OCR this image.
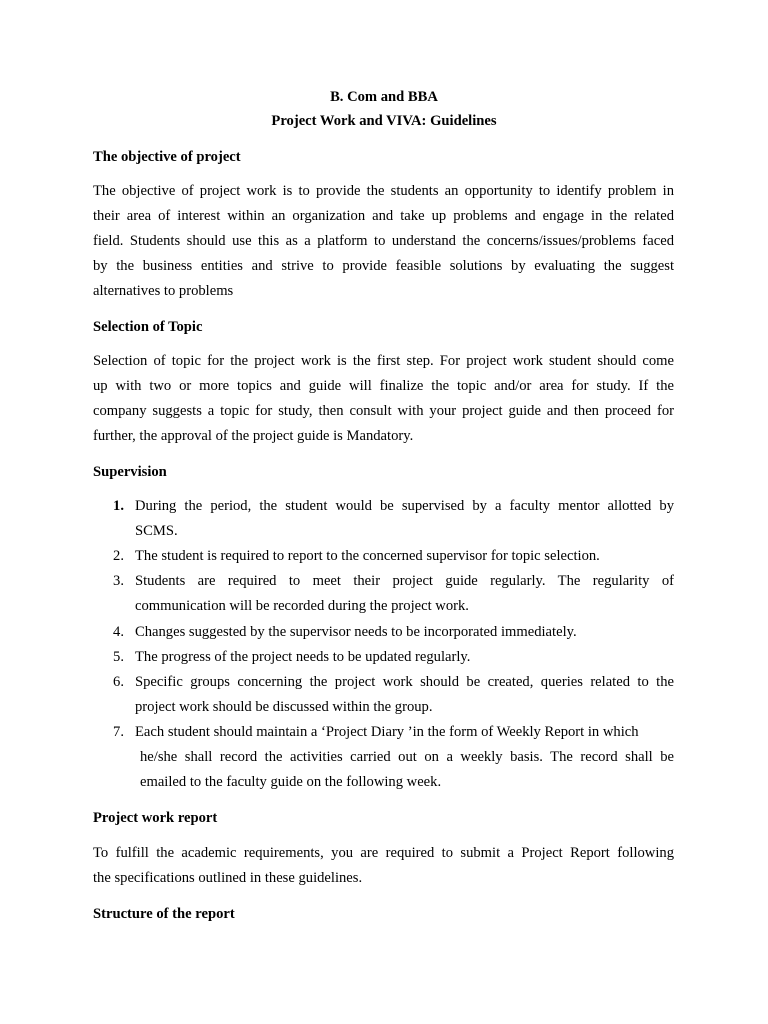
B. Com and BBA
Project Work and VIVA: Guidelines
The objective of project
The objective of project work is to provide the students an opportunity to identify problem in
their area of interest within an organization and take up problems and engage in the related
field. Students should use this as a platform to understand the concerns/issues/problems faced
by the business entities and strive to provide feasible solutions by evaluating the suggest
alternatives to problems
Selection of Topic
Selection of topic for the project work is the first step. For project work student should come
up with two or more topics and guide will finalize the topic and/or area for study. If the
company suggests a topic for study, then consult with your project guide and then proceed for
further, the approval of the project guide is Mandatory.
Supervision
1. During the period, the student would be supervised by a faculty mentor allotted by
SCMS.
2. The student is required to report to the concerned supervisor for topic selection.
3. Students are required to meet their project guide regularly. The regularity of
communication will be recorded during the project work.
4. Changes suggested by the supervisor needs to be incorporated immediately.
5. The progress of the project needs to be updated regularly.
6. Specific groups concerning the project work should be created, queries related to the
project work should be discussed within the group.
7. Each student should maintain a ‘Project Diary ’in the form of Weekly Report in which
he/she shall record the activities carried out on a weekly basis. The record shall be
emailed to the faculty guide on the following week.
Project work report
To fulfill the academic requirements, you are required to submit a Project Report following
the specifications outlined in these guidelines.
Structure of the report
